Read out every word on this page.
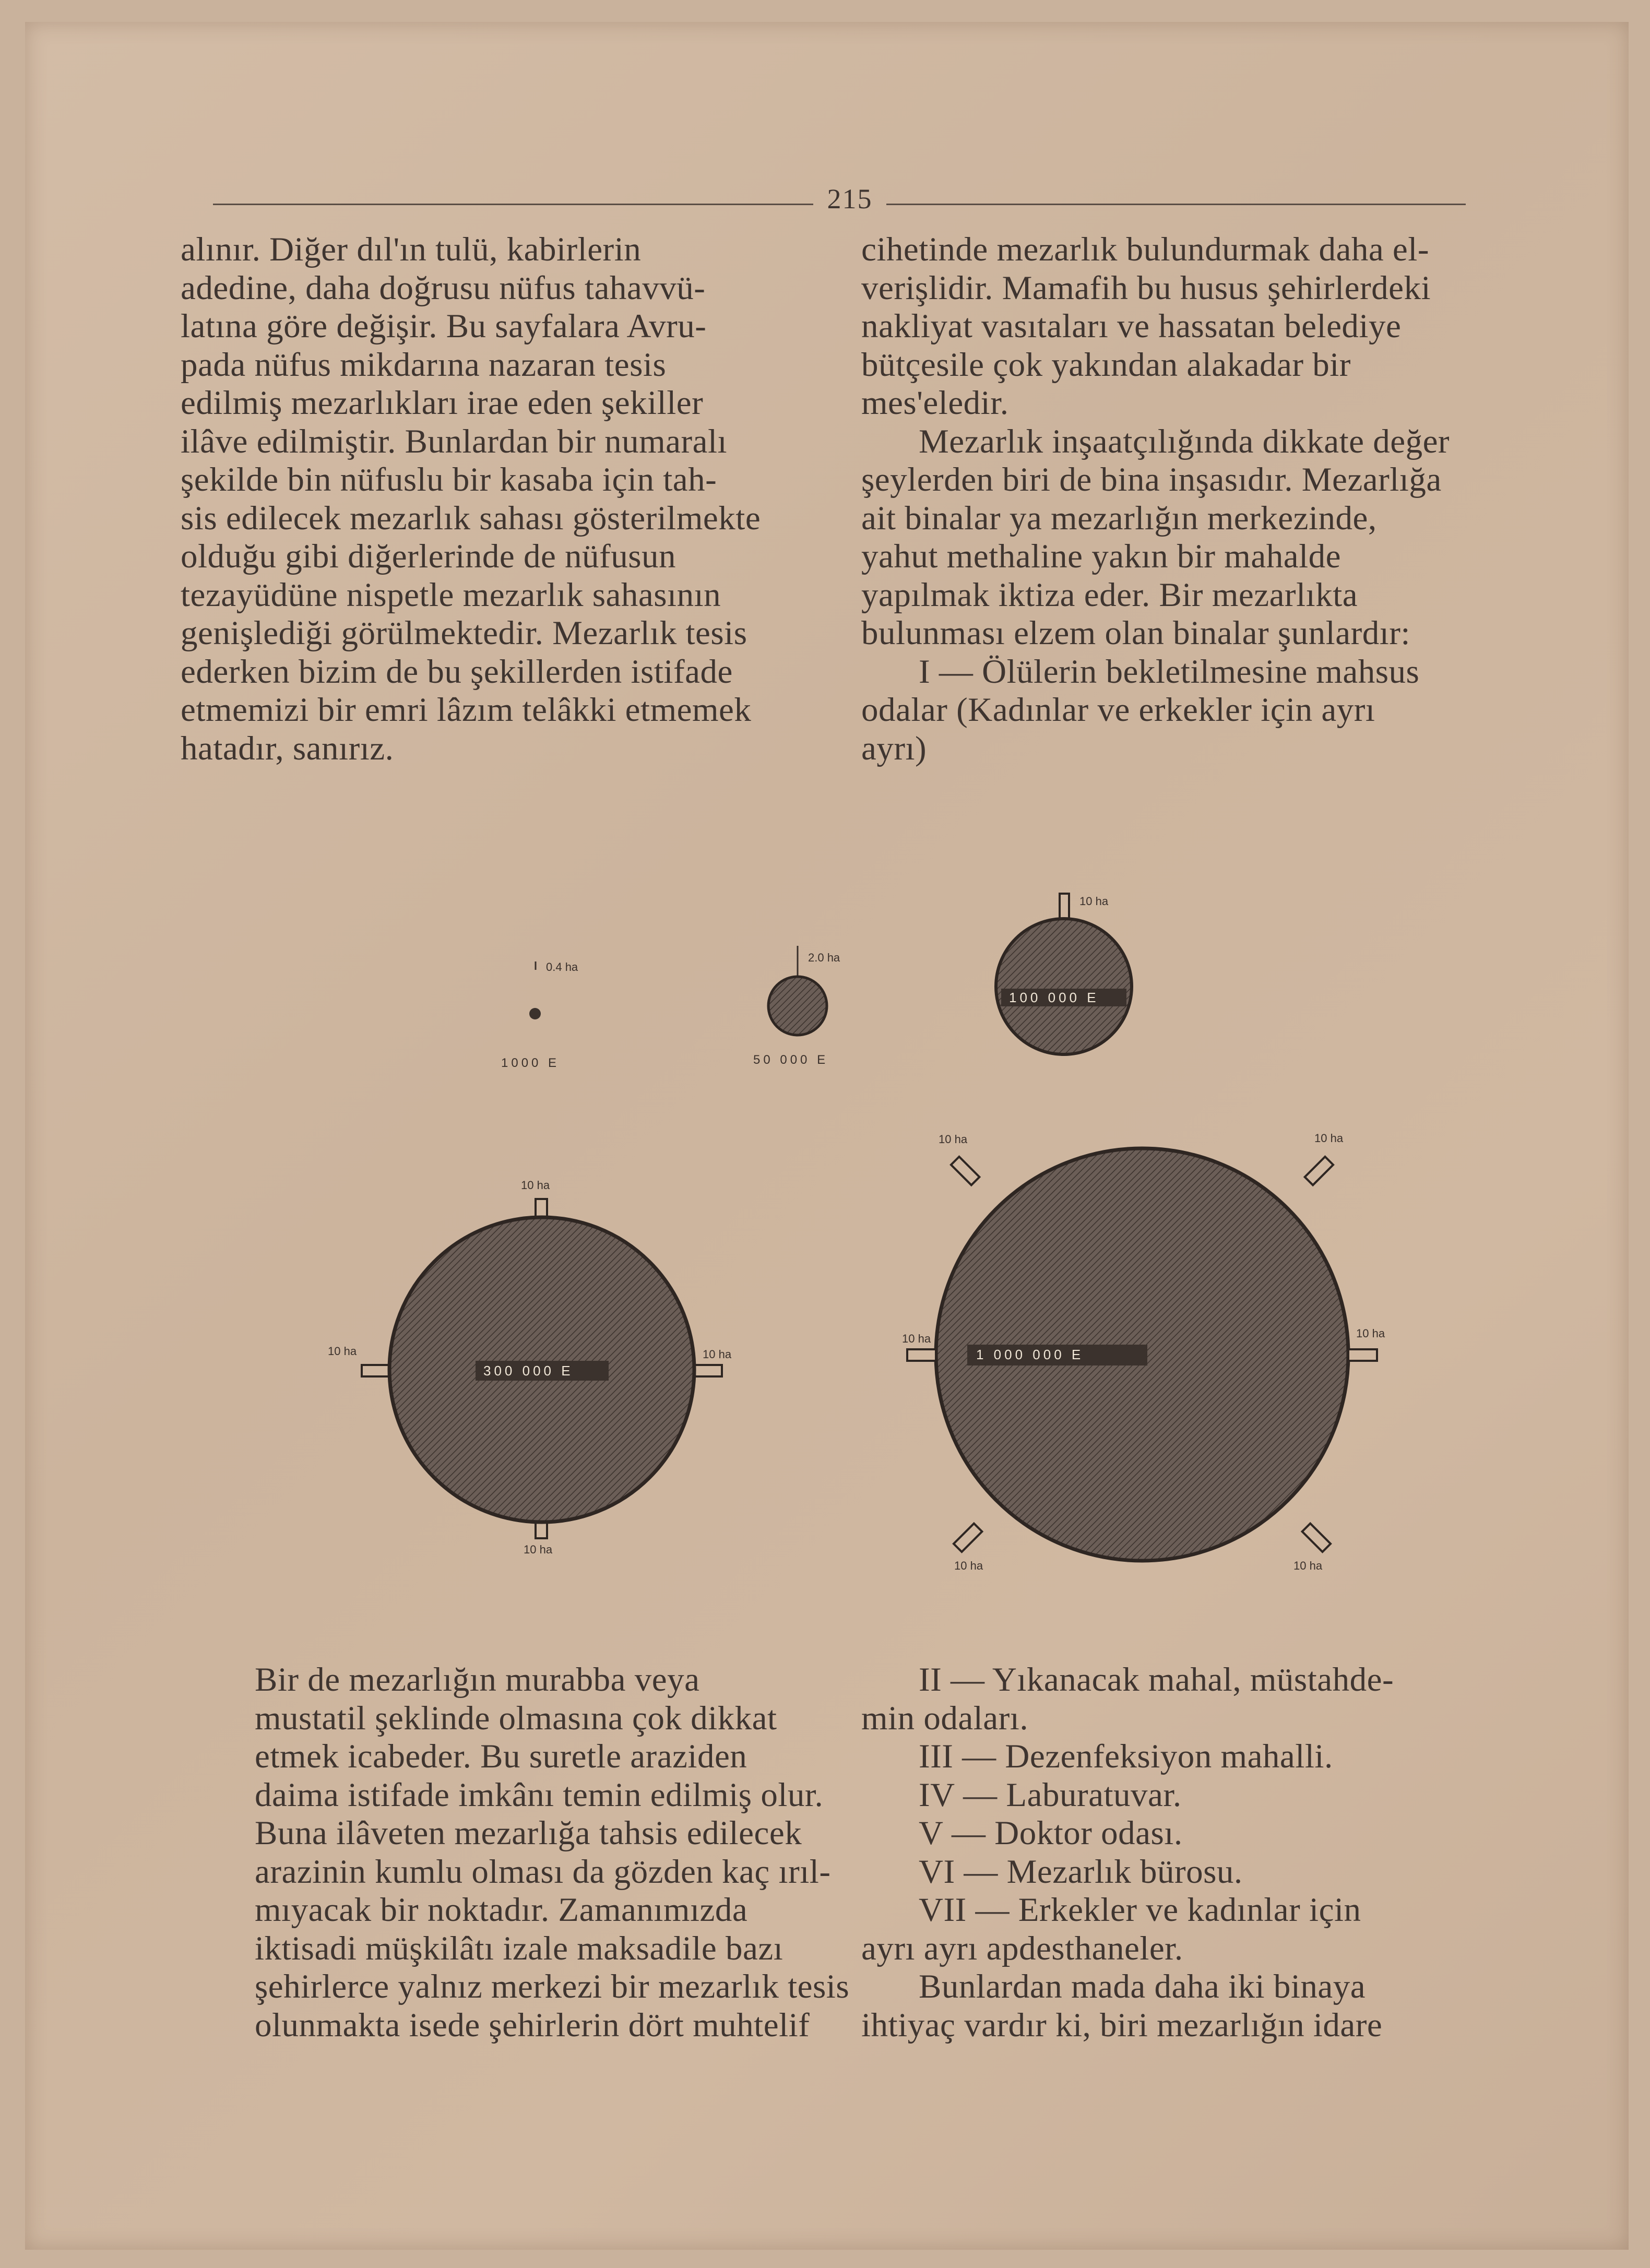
215
alınır. Diğer dıl'ın tulü, kabirlerin
adedine, daha doğrusu nüfus tahavvü-
latına göre değişir. Bu sayfalara Avru-
pada nüfus mikdarına nazaran tesis
edilmiş mezarlıkları irae eden şekiller
ilâve edilmiştir. Bunlardan bir numaralı
şekilde bin nüfuslu bir kasaba için tah-
sis edilecek mezarlık sahası gösterilmekte
olduğu gibi diğerlerinde de nüfusun
tezayüdüne nispetle mezarlık sahasının
genişlediği görülmektedir. Mezarlık tesis
ederken bizim de bu şekillerden istifade
etmemizi bir emri lâzım telâkki etmemek
hatadır, sanırız.
cihetinde mezarlık bulundurmak daha el-
verişlidir. Mamafih bu husus şehirlerdeki
nakliyat vasıtaları ve hassatan belediye
bütçesile çok yakından alakadar bir
mes'eledir.
Mezarlık inşaatçılığında dikkate değer
şeylerden biri de bina inşasıdır. Mezarlığa
ait binalar ya mezarlığın merkezinde,
yahut methaline yakın bir mahalde
yapılmak iktiza eder. Bir mezarlıkta
bulunması elzem olan binalar şunlardır:
I — Ölülerin bekletilmesine mahsus
odalar (Kadınlar ve erkekler için ayrı
ayrı)
0.4 ha
1000 E
2.0 ha
50 000 E
10 ha
100 000 E
10 ha
10 ha
10 ha	10 ha
300 000 E
10 ha	10 ha
10 ha	10 ha
10 ha	10 ha
1 000 000 E
Bir de mezarlığın murabba veya
mustatil şeklinde olmasına çok dikkat
etmek icabeder. Bu suretle araziden
daima istifade imkânı temin edilmiş olur.
Buna ilâveten mezarlığa tahsis edilecek
arazinin kumlu olması da gözden kaç ırıl-
mıyacak bir noktadır. Zamanımızda
iktisadi müşkilâtı izale maksadile bazı
şehirlerce yalnız merkezi bir mezarlık tesis
olunmakta isede şehirlerin dört muhtelif
II — Yıkanacak mahal, müstahde-
min odaları.
III — Dezenfeksiyon mahalli.
IV — Laburatuvar.
V — Doktor odası.
VI — Mezarlık bürosu.
VII — Erkekler ve kadınlar için
ayrı ayrı apdesthaneler.
Bunlardan mada daha iki binaya
ihtiyaç vardır ki, biri mezarlığın idare
